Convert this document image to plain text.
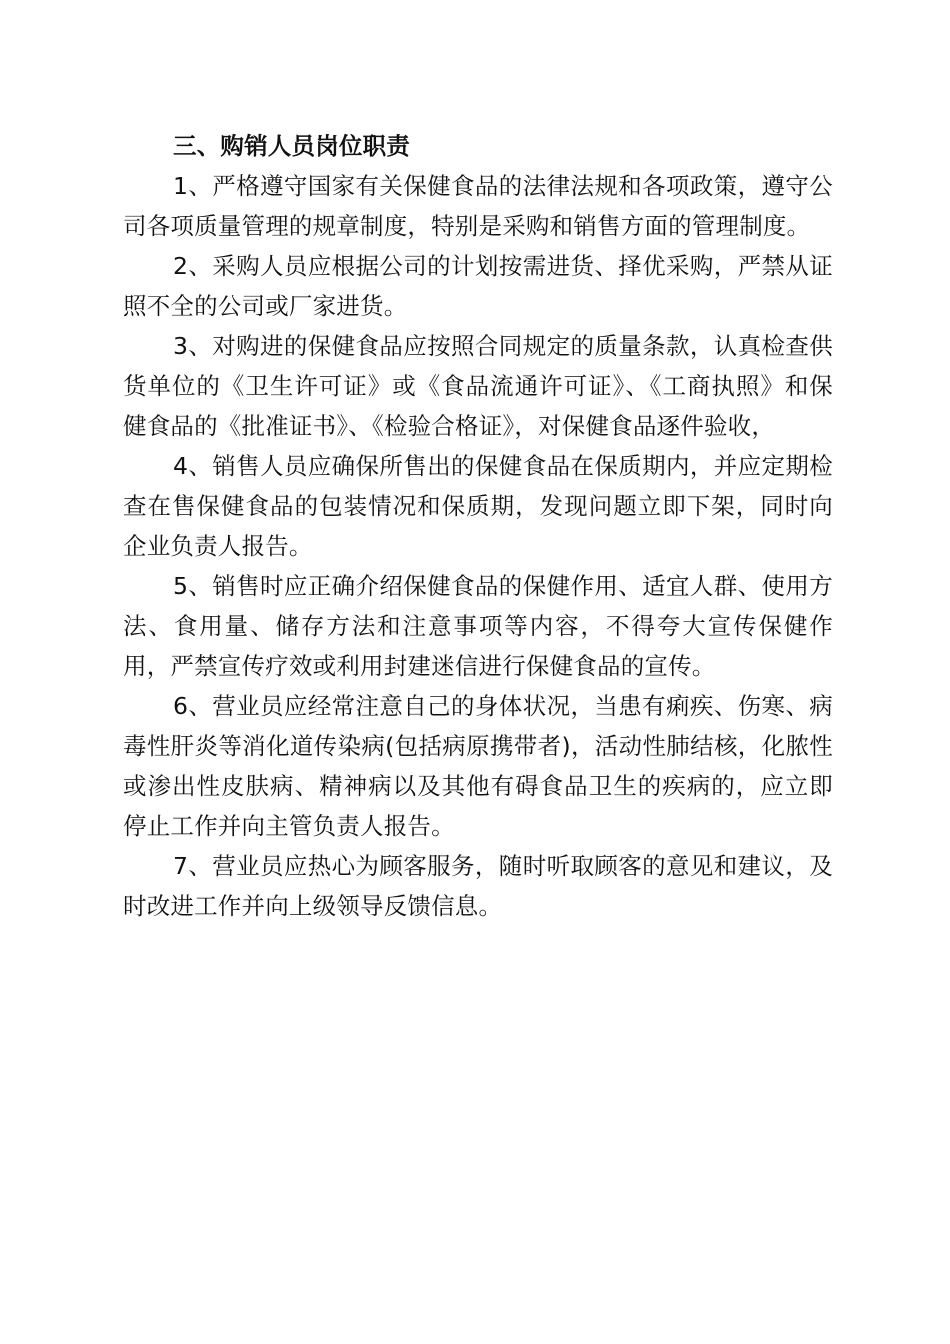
三、购销人员岗位职责

1、严格遵守国家有关保健食品的法律法规和各项政策，遵守公司各项质量管理的规章制度，特别是采购和销售方面的管理制度。

2、采购人员应根据公司的计划按需进货、择优采购，严禁从证照不全的公司或厂家进货。

3、对购进的保健食品应按照合同规定的质量条款，认真检查供货单位的《卫生许可证》或《食品流通许可证》、《工商执照》和保健食品的《批准证书》、《检验合格证》，对保健食品逐件验收，

4、销售人员应确保所售出的保健食品在保质期内，并应定期检查在售保健食品的包装情况和保质期，发现问题立即下架，同时向企业负责人报告。

5、销售时应正确介绍保健食品的保健作用、适宜人群、使用方法、食用量、储存方法和注意事项等内容，不得夸大宣传保健作用，严禁宣传疗效或利用封建迷信进行保健食品的宣传。

6、营业员应经常注意自己的身体状况，当患有痢疾、伤寒、病毒性肝炎等消化道传染病(包括病原携带者)，活动性肺结核，化脓性或渗出性皮肤病、精神病以及其他有碍食品卫生的疾病的，应立即停止工作并向主管负责人报告。

7、营业员应热心为顾客服务，随时听取顾客的意见和建议，及时改进工作并向上级领导反馈信息。
